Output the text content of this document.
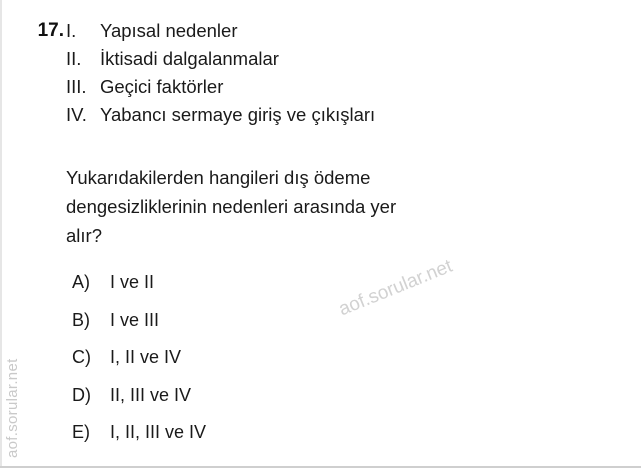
17. I.	Yapısal nedenler
II.	İktisadi dalgalanmalar
III. Geçici faktörler
IV. Yabancı sermaye giriş ve çıkışları
Yukarıdakilerden hangileri dış ödeme
dengesizliklerinin nedenleri arasında yer
alır?
A)	I ve II
B)	I ve III
C)	I, II ve IV
D)	II, III ve IV
E)	I, II, III ve IV
aof.sorular.net
aof.sorular.net
